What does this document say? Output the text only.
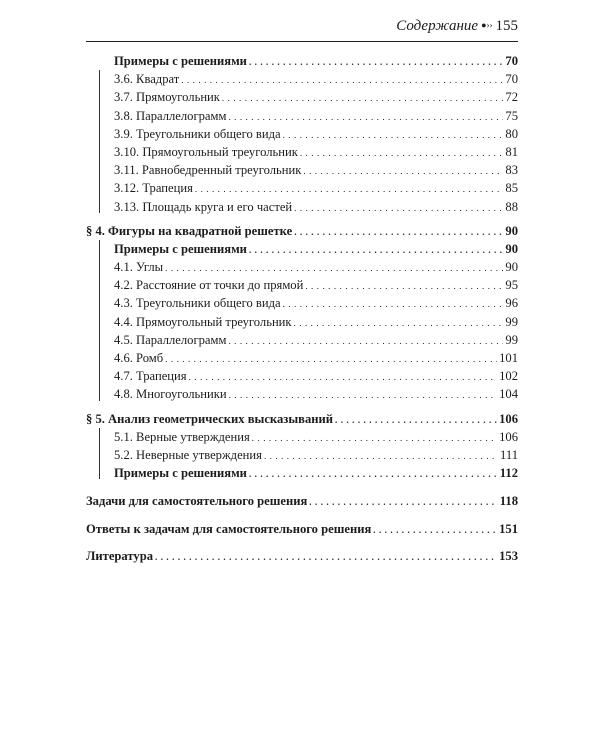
Содержание ●›› 155
Примеры с решениями . . .	70
3.6. Квадрат . . .	70
3.7. Прямоугольник . . .	72
3.8. Параллелограмм . . .	75
3.9. Треугольники общего вида . . .	80
3.10. Прямоугольный треугольник . . .	81
3.11. Равнобедренный треугольник . . .	83
3.12. Трапеция . . .	85
3.13. Площадь круга и его частей . . .	88
§ 4. Фигуры на квадратной решетке . . .	90
Примеры с решениями . . .	90
4.1. Углы . . .	90
4.2. Расстояние от точки до прямой . . .	95
4.3. Треугольники общего вида . . .	96
4.4. Прямоугольный треугольник . . .	99
4.5. Параллелограмм . . .	99
4.6. Ромб . . .	101
4.7. Трапеция . . .	102
4.8. Многоугольники . . .	104
§ 5. Анализ геометрических высказываний . . .	106
5.1. Верные утверждения . . .	106
5.2. Неверные утверждения . . .	111
Примеры с решениями . . .	112
Задачи для самостоятельного решения . . .	118
Ответы к задачам для самостоятельного решения . . .	151
Литература . . .	153
